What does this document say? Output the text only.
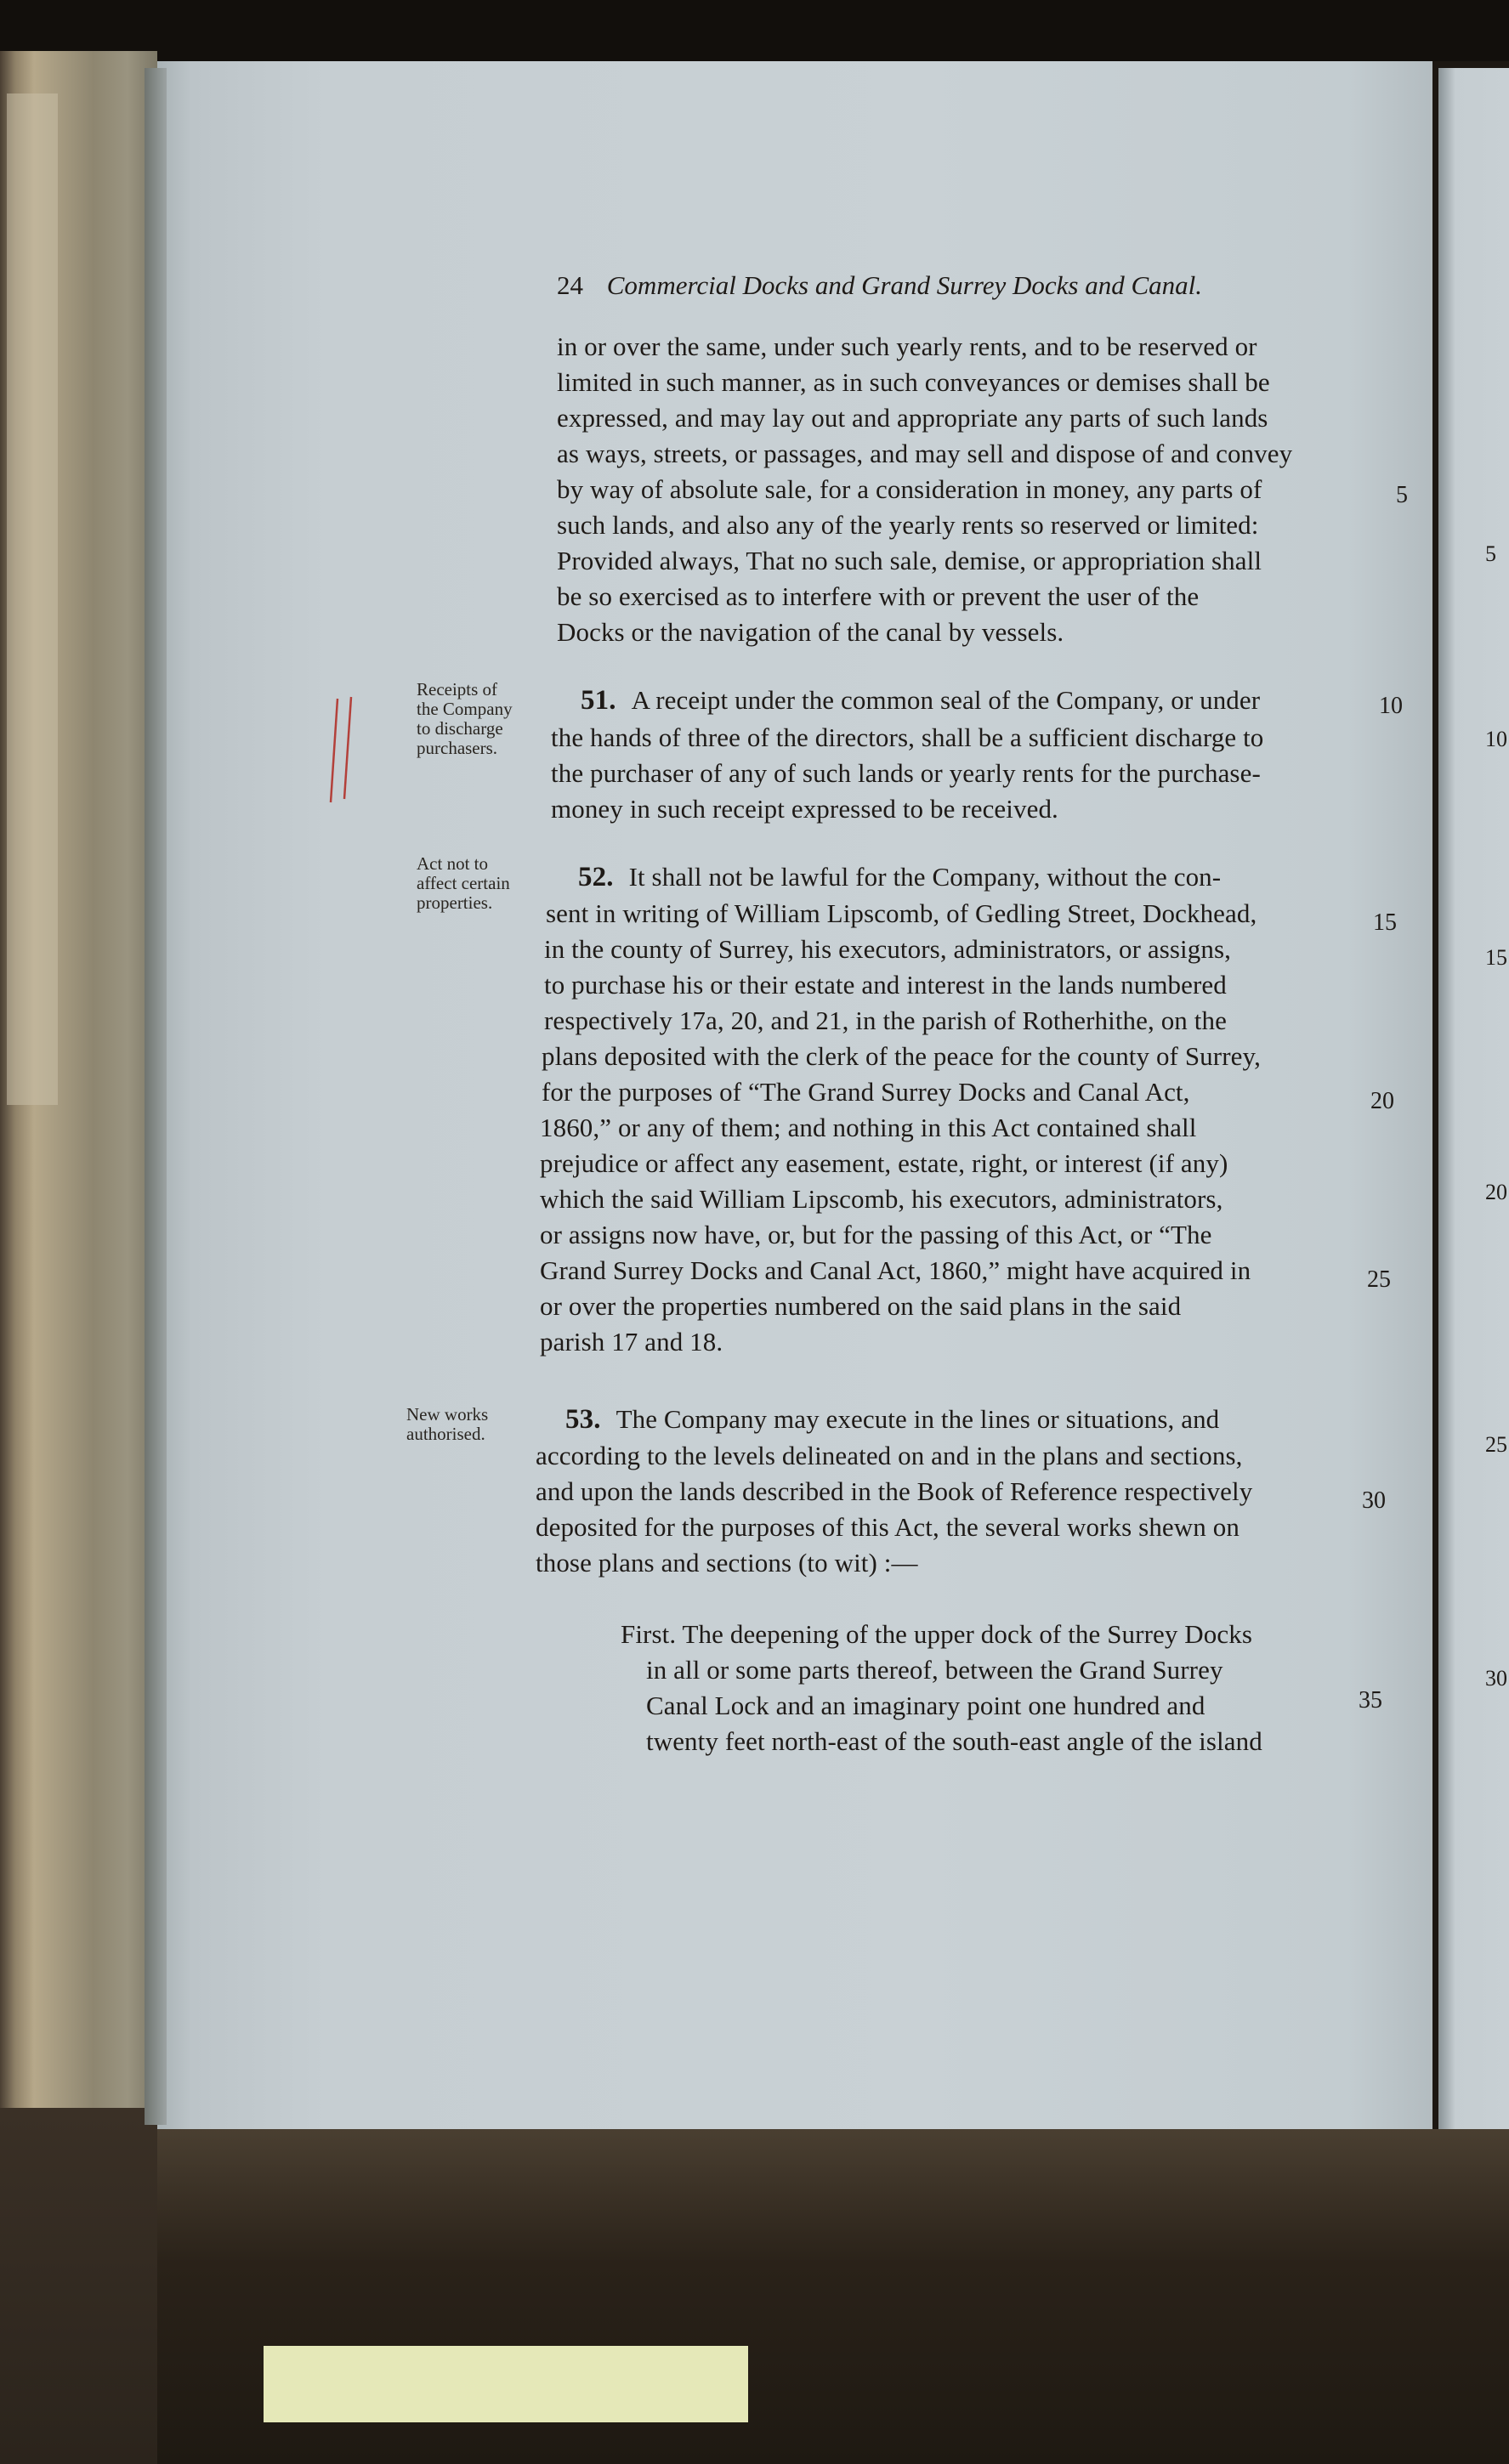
24 Commercial Docks and Grand Surrey Docks and Canal.
in or over the same, under such yearly rents, and to be reserved or
limited in such manner, as in such conveyances or demises shall be
expressed, and may lay out and appropriate any parts of such lands
as ways, streets, or passages, and may sell and dispose of and convey
by way of absolute sale, for a consideration in money, any parts of
such lands, and also any of the yearly rents so reserved or limited:
Provided always, That no such sale, demise, or appropriation shall
be so exercised as to interfere with or prevent the user of the
Docks or the navigation of the canal by vessels.
5
Receipts of
the Company
to discharge
purchasers.
51. A receipt under the common seal of the Company, or under
the hands of three of the directors, shall be a sufficient discharge to
the purchaser of any of such lands or yearly rents for the purchase-
money in such receipt expressed to be received.
10
Act not to
affect certain
properties.
52. It shall not be lawful for the Company, without the con-
sent in writing of William Lipscomb, of Gedling Street, Dockhead,
in the county of Surrey, his executors, administrators, or assigns,
to purchase his or their estate and interest in the lands numbered
respectively 17a, 20, and 21, in the parish of Rotherhithe, on the
plans deposited with the clerk of the peace for the county of Surrey,
for the purposes of “The Grand Surrey Docks and Canal Act,
1860,” or any of them; and nothing in this Act contained shall
prejudice or affect any easement, estate, right, or interest (if any)
which the said William Lipscomb, his executors, administrators,
or assigns now have, or, but for the passing of this Act, or “The
Grand Surrey Docks and Canal Act, 1860,” might have acquired in
or over the properties numbered on the said plans in the said
parish 17 and 18.
15
20
25
New works
authorised.	53. The Company may execute in the lines or situations, and
according to the levels delineated on and in the plans and sections,
and upon the lands described in the Book of Reference respectively
deposited for the purposes of this Act, the several works shewn on
those plans and sections (to wit) :—
30
First. The deepening of the upper dock of the Surrey Docks
in all or some parts thereof, between the Grand Surrey
Canal Lock and an imaginary point one hundred and
twenty feet north-east of the south-east angle of the island
35
5
10
15
20
25
30
